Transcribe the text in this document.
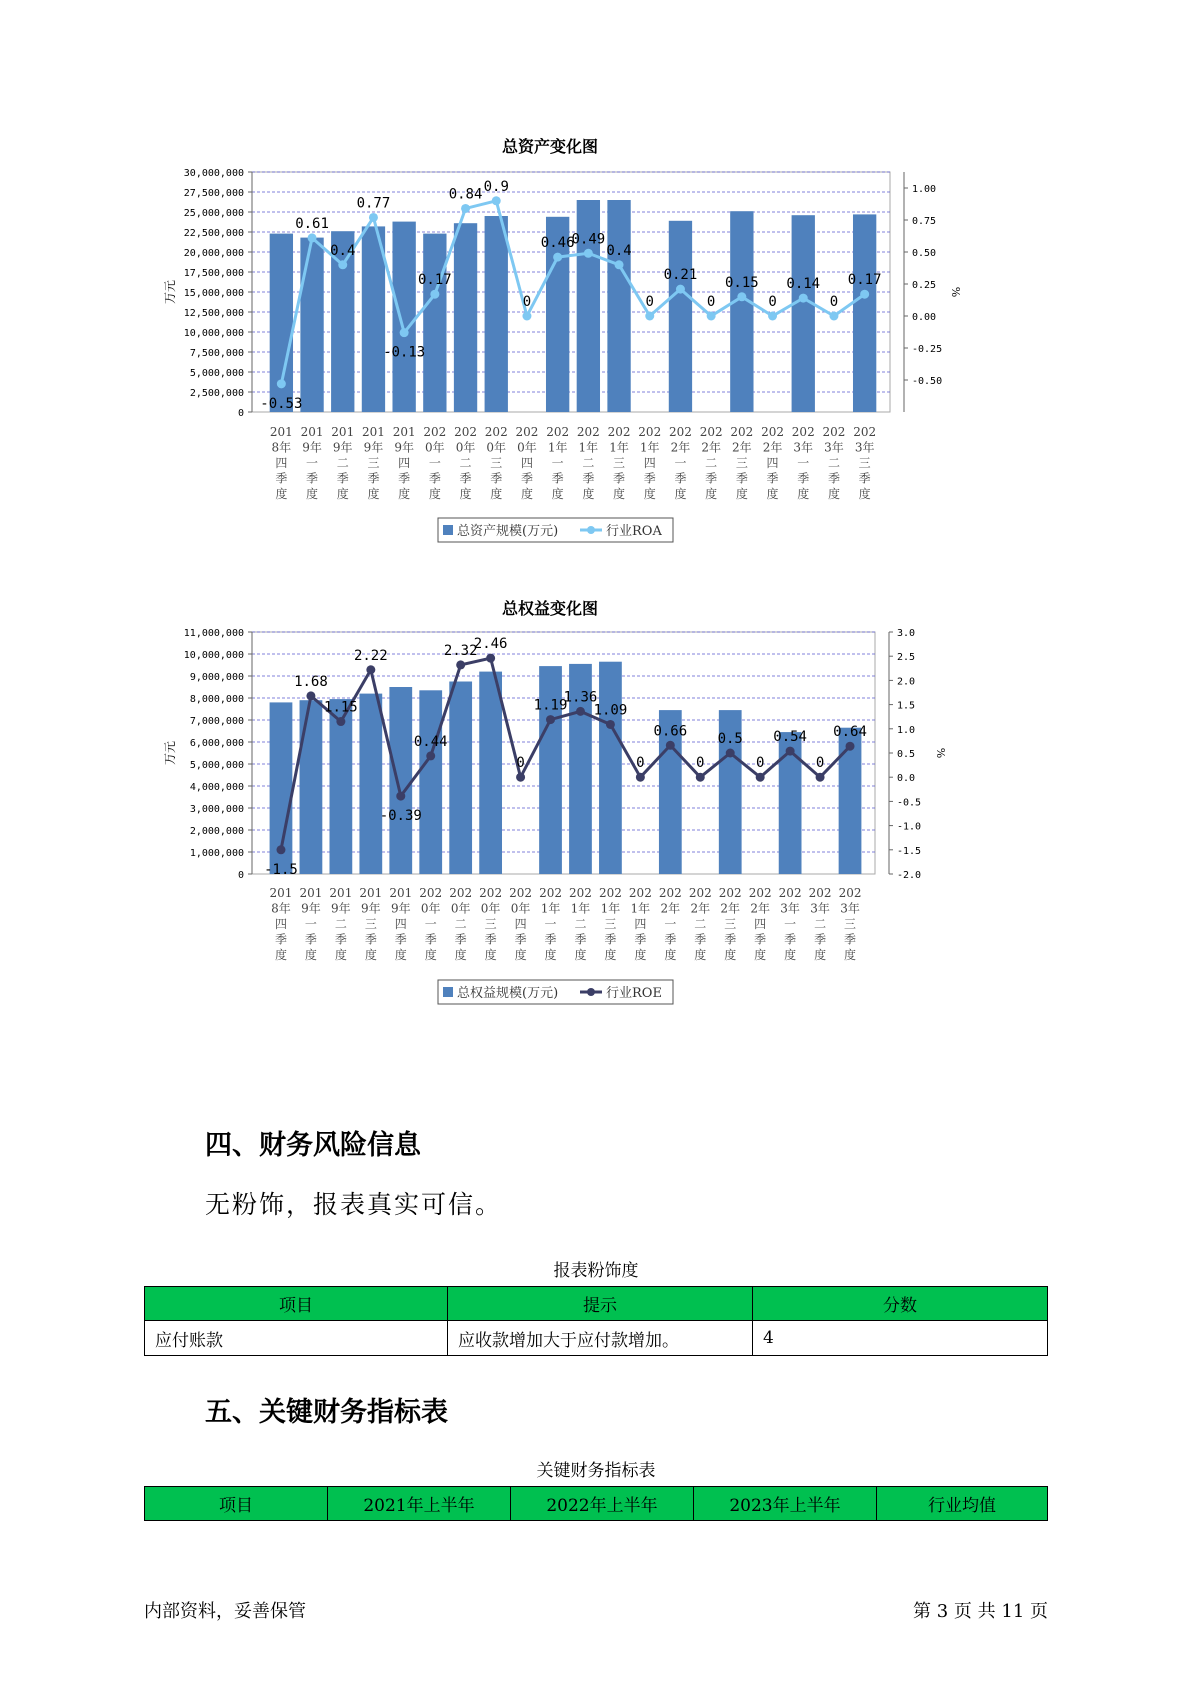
总资产变化图
0
2,500,000
5,000,000
7,500,000
10,000,000
12,500,000
15,000,000
17,500,000
20,000,000
22,500,000
25,000,000
27,500,000
30,000,000
万元
-0.50
-0.25
0.00
0.25
0.50
0.75
1.00
%
-0.53
0.61
0.4
0.77
-0.13
0.17
0.84 0.9
0
0.46
0.49
0.4
0
0.21
0
0.15
0
0.14
0
0.17
201
8年
四
季
度
201
9年
一
季
度
201
9年
二
季
度
201
9年
三
季
度
201
9年
四
季
度
202
0年
一
季
度
202
0年
二
季
度
202
0年
三
季
度
202
0年
四
季
度
202
1年
一
季
度
202
1年
二
季
度
202
1年
三
季
度
202
1年
四
季
度
202
2年
一
季
度
202
2年
二
季
度
202
2年
三
季
度
202
2年
四
季
度
202
3年
一
季
度
202
3年
二
季
度
202
3年
三
季
度
总资产规模(万元)	行业ROA
总权益变化图
0
1,000,000
2,000,000
3,000,000
4,000,000
5,000,000
6,000,000
7,000,000
8,000,000
9,000,000
10,000,000
11,000,000
万元
-2.0
-1.5
-1.0
-0.5
0.0
0.5
1.0
1.5
2.0
2.5
3.0
%
-1.5
1.68
1.15
2.22
-0.39
0.44
2.32
2.46
0
1.19
1.36
1.09
0
0.66
0
0.5
0
0.54
0
0.64
201
8年
四
季
度
201
9年
一
季
度
201
9年
二
季
度
201
9年
三
季
度
201
9年
四
季
度
202
0年
一
季
度
202
0年
二
季
度
202
0年
三
季
度
202
0年
四
季
度
202
1年
一
季
度
202
1年
二
季
度
202
1年
三
季
度
202
1年
四
季
度
202
2年
一
季
度
202
2年
二
季
度
202
2年
三
季
度
202
2年
四
季
度
202
3年
一
季
度
202
3年
二
季
度
202
3年
三
季
度
总权益规模(万元)	行业ROE
四、财务风险信息
无粉饰，报表真实可信。
报表粉饰度
项目	提示	分数
应付账款	应收款增加大于应付款增加。	4
五、关键财务指标表
关键财务指标表
项目	2021年上半年	2022年上半年	2023年上半年	行业均值
内部资料，妥善保管	第 3 页 共 11 页
